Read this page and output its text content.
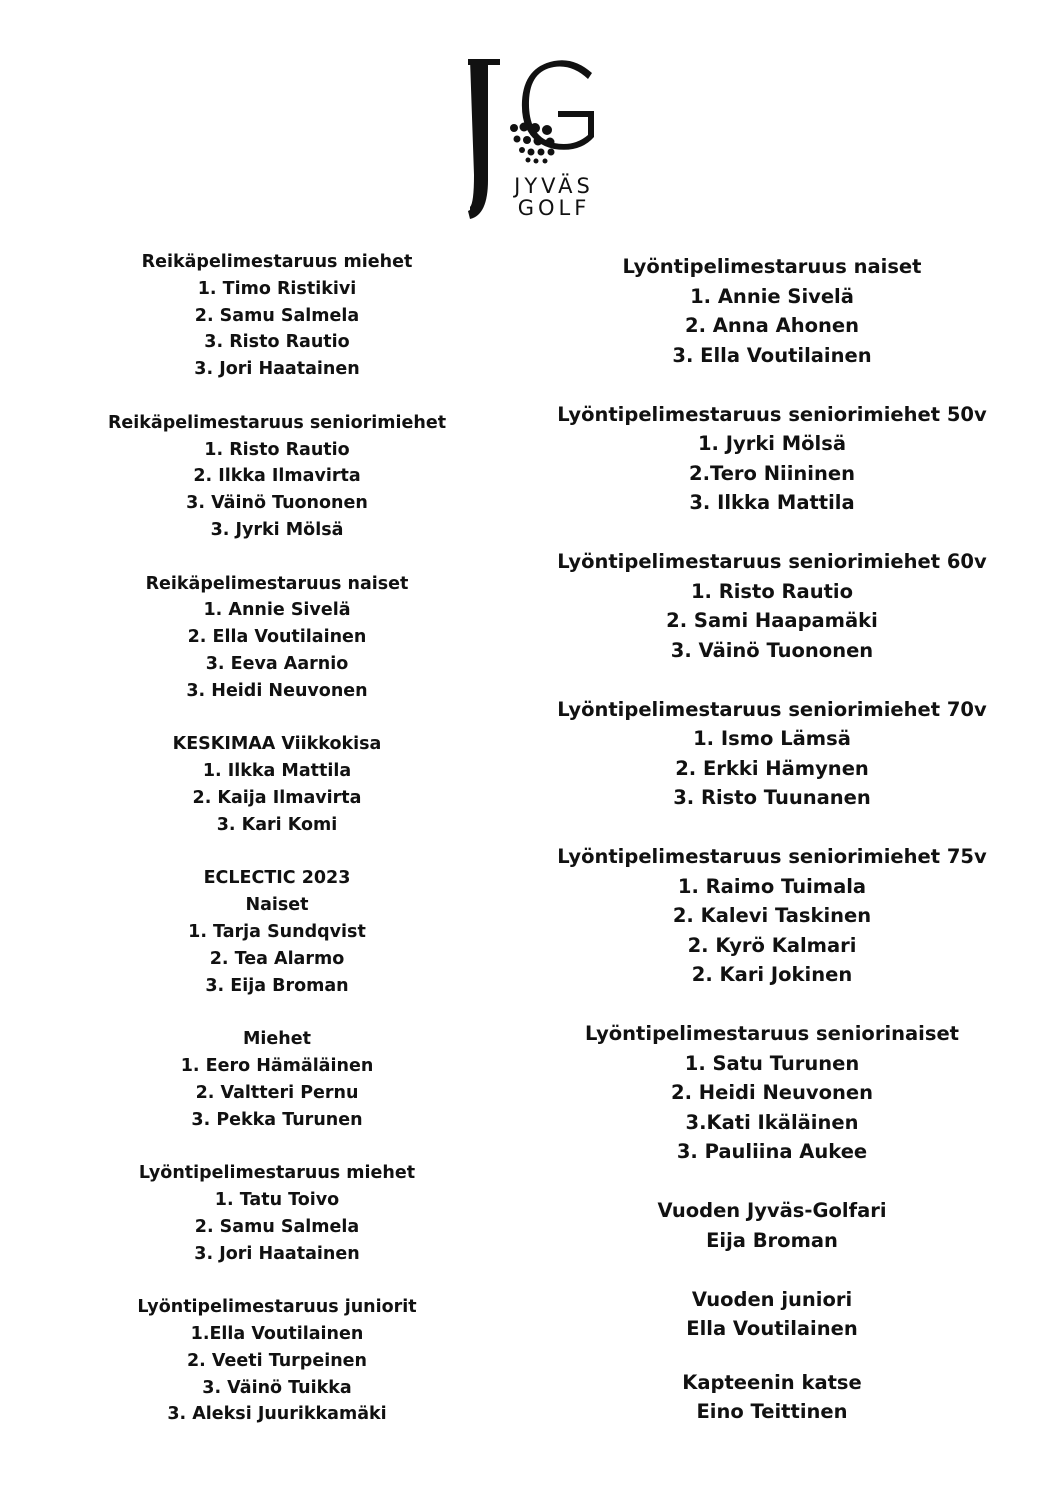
JYVÄS
GOLF
Reikäpelimestaruus miehet
1. Timo Ristikivi
2. Samu Salmela
3. Risto Rautio
3. Jori Haatainen
Reikäpelimestaruus seniorimiehet
1. Risto Rautio
2. Ilkka Ilmavirta
3. Väinö Tuononen
3. Jyrki Mölsä
Reikäpelimestaruus naiset
1. Annie Sivelä
2. Ella Voutilainen
3. Eeva Aarnio
3. Heidi Neuvonen
KESKIMAA Viikkokisa
1. Ilkka Mattila
2. Kaija Ilmavirta
3. Kari Komi
ECLECTIC 2023
Naiset
1. Tarja Sundqvist
2. Tea Alarmo
3. Eija Broman
Miehet
1. Eero Hämäläinen
2. Valtteri Pernu
3. Pekka Turunen
Lyöntipelimestaruus miehet
1. Tatu Toivo
2. Samu Salmela
3. Jori Haatainen
Lyöntipelimestaruus juniorit
1.Ella Voutilainen
2. Veeti Turpeinen
3. Väinö Tuikka
3. Aleksi Juurikkamäki
Lyöntipelimestaruus naiset
1. Annie Sivelä
2. Anna Ahonen
3. Ella Voutilainen
Lyöntipelimestaruus seniorimiehet 50v
1. Jyrki Mölsä
2.Tero Niininen
3. Ilkka Mattila
Lyöntipelimestaruus seniorimiehet 60v
1. Risto Rautio
2. Sami Haapamäki
3. Väinö Tuononen
Lyöntipelimestaruus seniorimiehet 70v
1. Ismo Lämsä
2. Erkki Hämynen
3. Risto Tuunanen
Lyöntipelimestaruus seniorimiehet 75v
1. Raimo Tuimala
2. Kalevi Taskinen
2. Kyrö Kalmari
2. Kari Jokinen
Lyöntipelimestaruus seniorinaiset
1. Satu Turunen
2. Heidi Neuvonen
3.Kati Ikäläinen
3. Pauliina Aukee
Vuoden Jyväs-Golfari
Eija Broman
Vuoden juniori
Ella Voutilainen
Kapteenin katse
Eino Teittinen
